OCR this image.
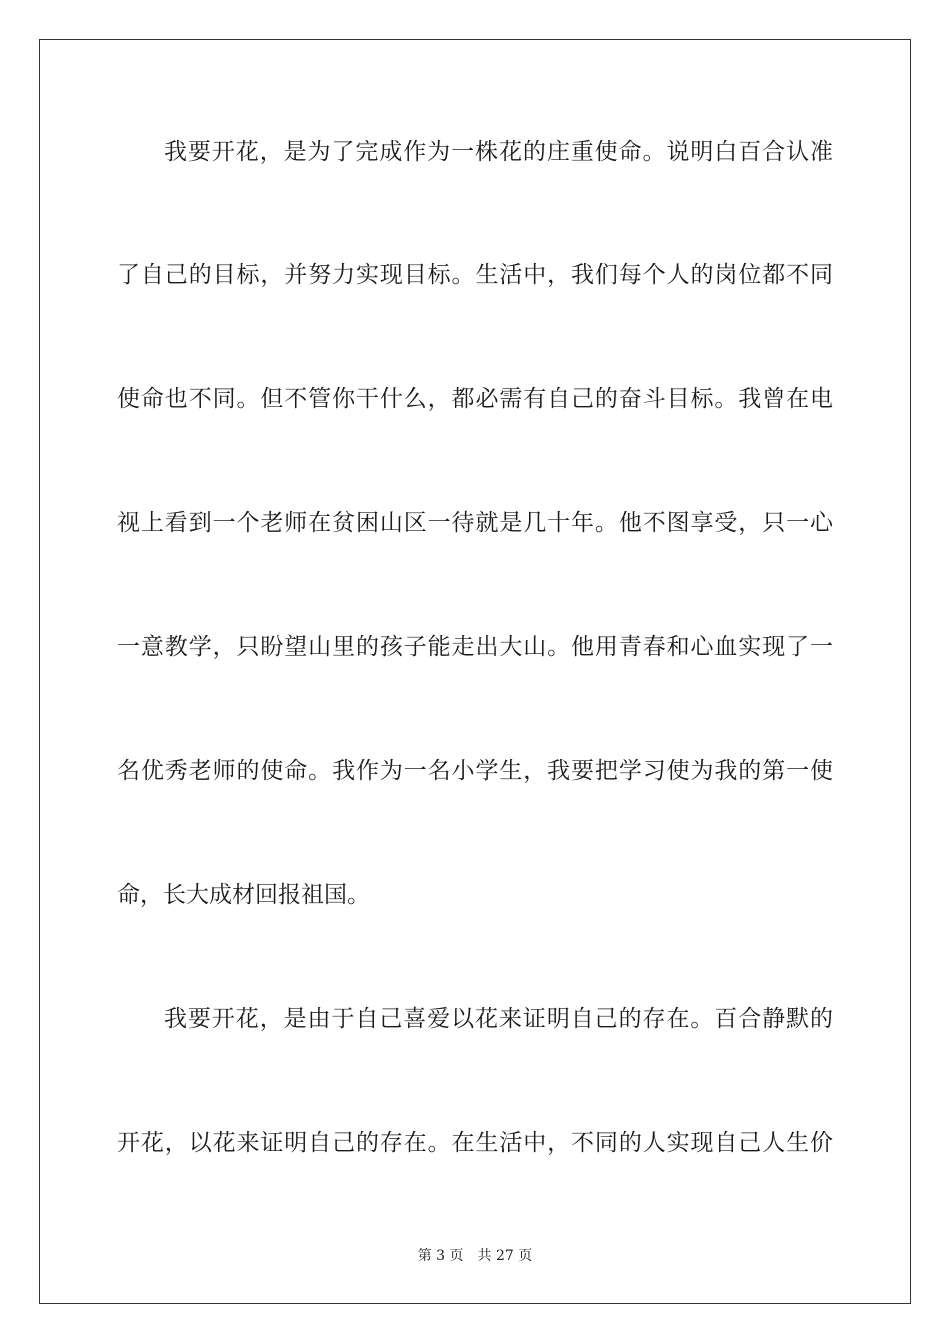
我要开花，是为了完成作为一株花的庄重使命。说明白百合认准
了自己的目标，并努力实现目标。生活中，我们每个人的岗位都不同
使命也不同。但不管你干什么，都必需有自己的奋斗目标。我曾在电
视上看到一个老师在贫困山区一待就是几十年。他不图享受，只一心
一意教学，只盼望山里的孩子能走出大山。他用青春和心血实现了一
名优秀老师的使命。我作为一名小学生，我要把学习使为我的第一使
命，长大成材回报祖国。
我要开花，是由于自己喜爱以花来证明自己的存在。百合静默的
开花，以花来证明自己的存在。在生活中，不同的人实现自己人生价
第 3 页 共 27 页
